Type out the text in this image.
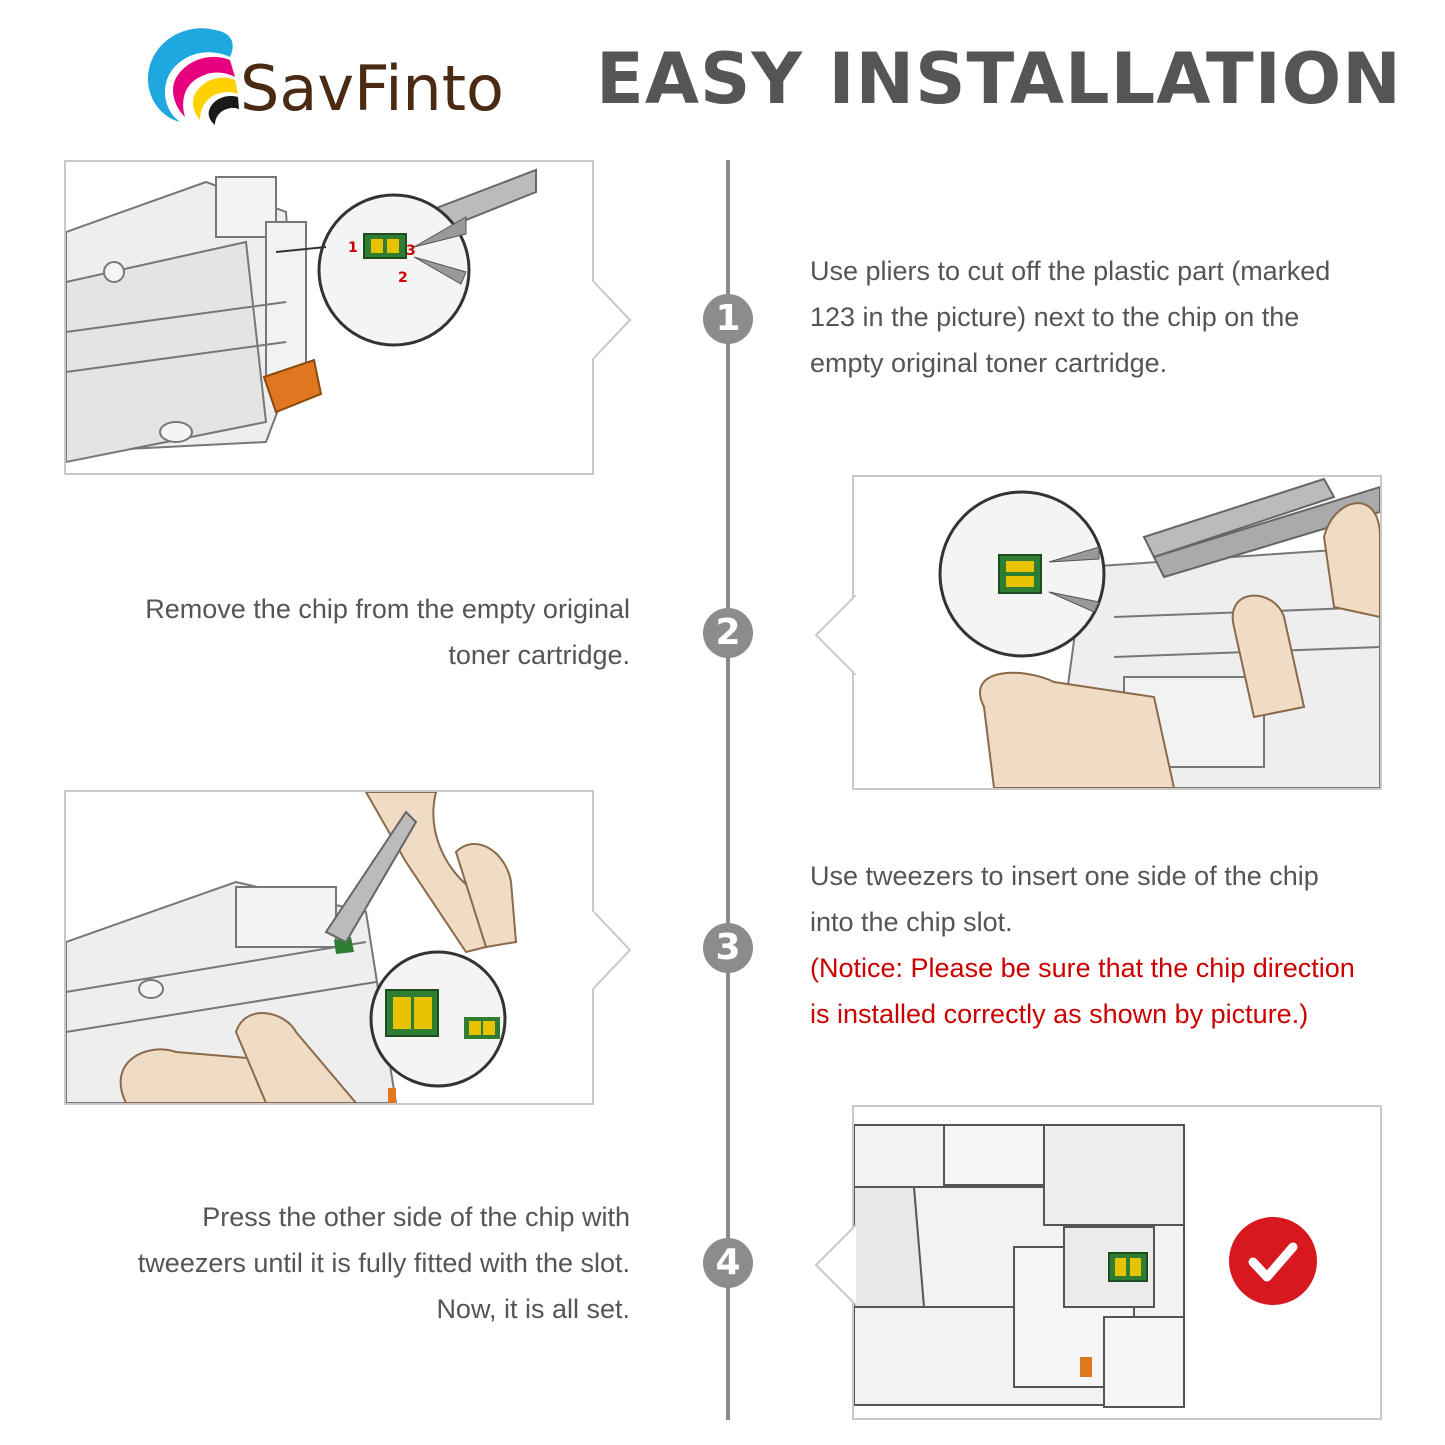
SavFinto EASY INSTALLATION
1
2
3
4
1
2
3
Use pliers to cut off the plastic part (marked
123 in the picture) next to the chip on the
empty original toner cartridge.
Remove the chip from the empty original
toner cartridge.
Use tweezers to insert one side of the chip
into the chip slot.
(Notice: Please be sure that the chip direction
is installed correctly as shown by picture.)
Press the other side of the chip with
tweezers until it is fully fitted with the slot.
Now, it is all set.
